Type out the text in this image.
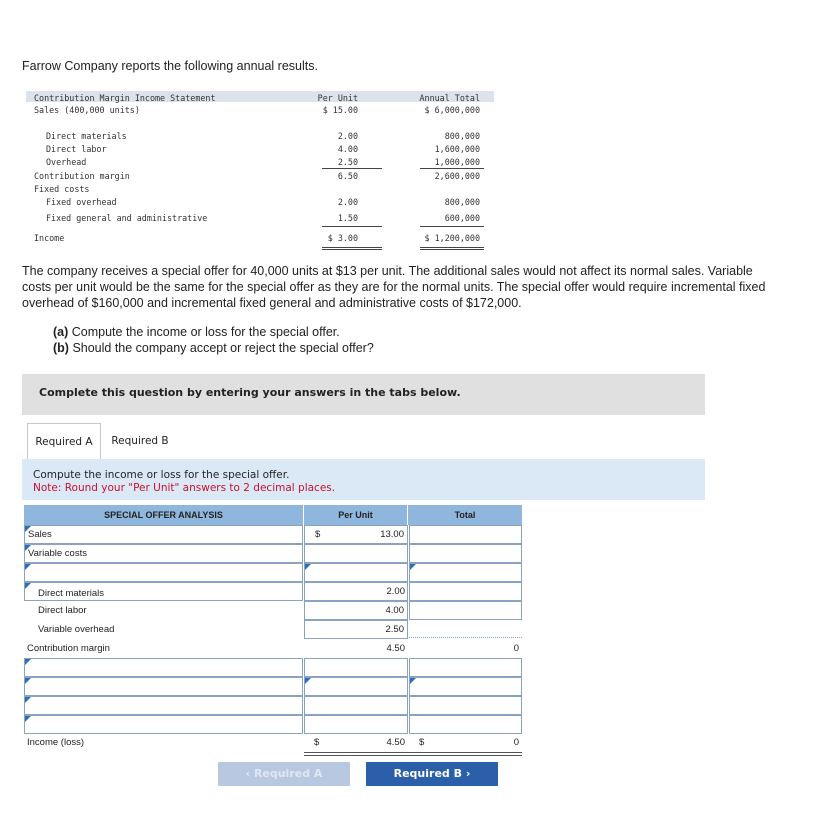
Farrow Company reports the following annual results.
Contribution Margin Income Statement	Per Unit	Annual Total
Sales (400,000 units)	$ 15.00	$ 6,000,000
Direct materials	2.00	800,000
Direct labor	4.00	1,600,000
Overhead	2.50	1,000,000
Contribution margin	6.50	2,600,000
Fixed costs
Fixed overhead	2.00	800,000
Fixed general and administrative	1.50	600,000
Income	$ 3.00	$ 1,200,000
The company receives a special offer for 40,000 units at $13 per unit. The additional sales would not affect its normal sales. Variable costs per unit would be the same for the special offer as they are for the normal units. The special offer would require incremental fixed overhead of $160,000 and incremental fixed general and administrative costs of $172,000.
(a) Compute the income or loss for the special offer.
(b) Should the company accept or reject the special offer?
Complete this question by entering your answers in the tabs below.
Required A	Required B
Compute the income or loss for the special offer.
Note: Round your "Per Unit" answers to 2 decimal places.
SPECIAL OFFER ANALYSIS	Per Unit	Total
Sales	$	13.00
Variable costs
Direct materials	2.00
Direct labor	4.00
Variable overhead	2.50
Contribution margin	4.50	0
Income (loss)	$	4.50	$	0
‹ Required A	Required B ›
